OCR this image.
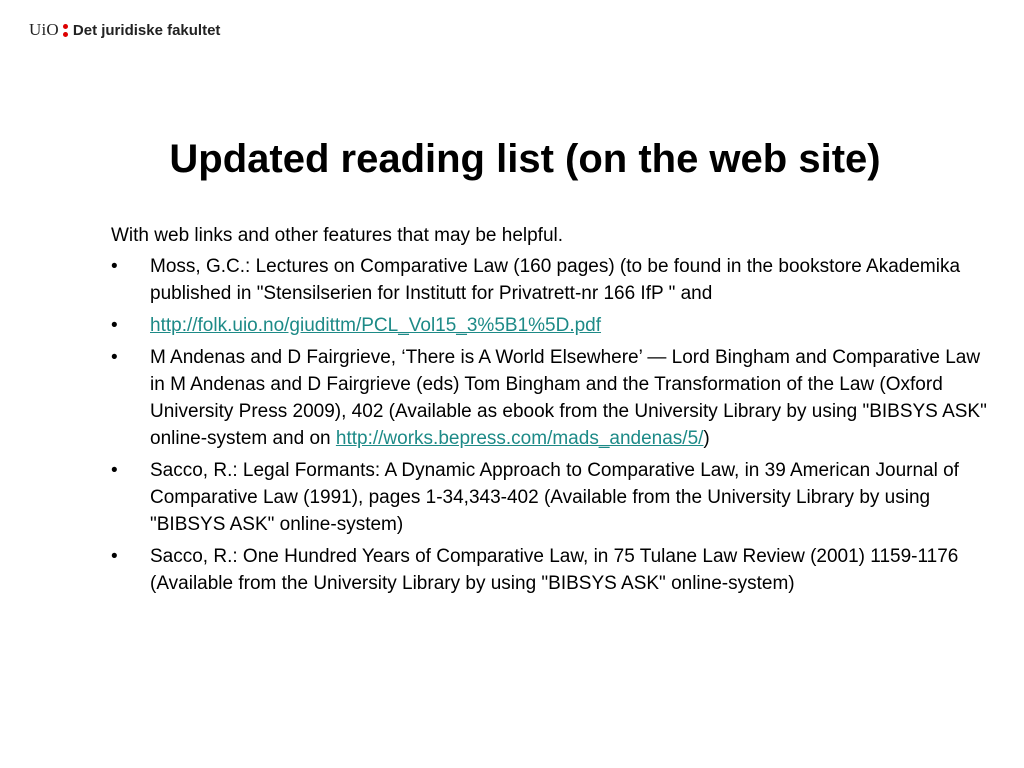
UiO Det juridiske fakultet
Updated reading list (on the web site)

With web links and other features that may be helpful.

• Moss, G.C.: Lectures on Comparative Law (160 pages) (to be found in the bookstore Akademika published in "Stensilserien for Institutt for Privatrett-nr 166 IfP " and
• http://folk.uio.no/giudittm/PCL_Vol15_3%5B1%5D.pdf
• M Andenas and D Fairgrieve, ‘There is A World Elsewhere’ — Lord Bingham and Comparative Law in M Andenas and D Fairgrieve (eds) Tom Bingham and the Transformation of the Law (Oxford University Press 2009), 402 (Available as ebook from the University Library by using "BIBSYS ASK" online-system and on http://works.bepress.com/mads_andenas/5/)
• Sacco, R.: Legal Formants: A Dynamic Approach to Comparative Law, in 39 American Journal of Comparative Law (1991), pages 1-34,343-402 (Available from the University Library by using "BIBSYS ASK" online-system)
• Sacco, R.: One Hundred Years of Comparative Law, in 75 Tulane Law Review (2001) 1159-1176 (Available from the University Library by using "BIBSYS ASK" online-system)
